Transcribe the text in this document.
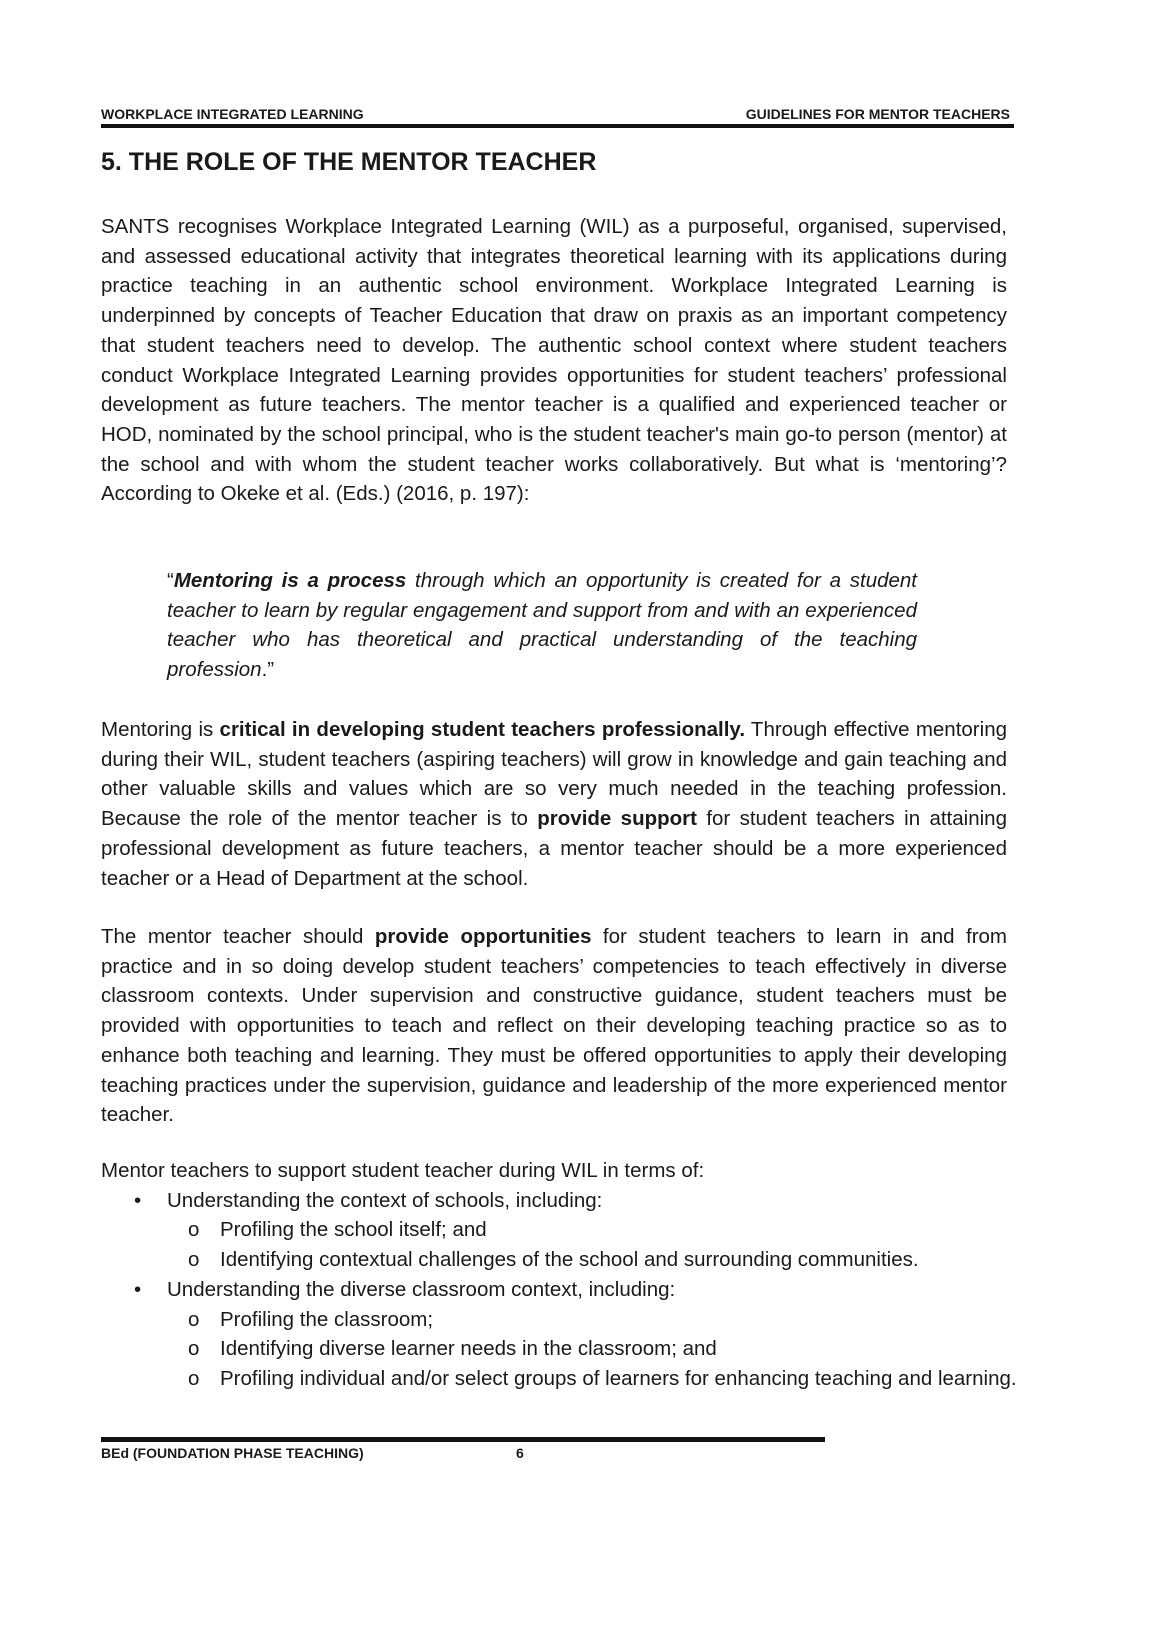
WORKPLACE INTEGRATED LEARNING	GUIDELINES FOR MENTOR TEACHERS
5. THE ROLE OF THE MENTOR TEACHER

SANTS recognises Workplace Integrated Learning (WIL) as a purposeful, organised, supervised, and assessed educational activity that integrates theoretical learning with its applications during practice teaching in an authentic school environment. Workplace Integrated Learning is underpinned by concepts of Teacher Education that draw on praxis as an important competency that student teachers need to develop. The authentic school context where student teachers conduct Workplace Integrated Learning provides opportunities for student teachers’ professional development as future teachers. The mentor teacher is a qualified and experienced teacher or HOD, nominated by the school principal, who is the student teacher's main go-to person (mentor) at the school and with whom the student teacher works collaboratively. But what is ‘mentoring’? According to Okeke et al. (Eds.) (2016, p. 197):

“Mentoring is a process through which an opportunity is created for a student teacher to learn by regular engagement and support from and with an experienced teacher who has theoretical and practical understanding of the teaching profession.”

Mentoring is critical in developing student teachers professionally. Through effective mentoring during their WIL, student teachers (aspiring teachers) will grow in knowledge and gain teaching and other valuable skills and values which are so very much needed in the teaching profession. Because the role of the mentor teacher is to provide support for student teachers in attaining professional development as future teachers, a mentor teacher should be a more experienced teacher or a Head of Department at the school.

The mentor teacher should provide opportunities for student teachers to learn in and from practice and in so doing develop student teachers’ competencies to teach effectively in diverse classroom contexts. Under supervision and constructive guidance, student teachers must be provided with opportunities to teach and reflect on their developing teaching practice so as to enhance both teaching and learning. They must be offered opportunities to apply their developing teaching practices under the supervision, guidance and leadership of the more experienced mentor teacher.

Mentor teachers to support student teacher during WIL in terms of:
• Understanding the context of schools, including:
o Profiling the school itself; and
o Identifying contextual challenges of the school and surrounding communities.
• Understanding the diverse classroom context, including:
o Profiling the classroom;
o Identifying diverse learner needs in the classroom; and
o Profiling individual and/or select groups of learners for enhancing teaching and learning.
BEd (FOUNDATION PHASE TEACHING)	6
